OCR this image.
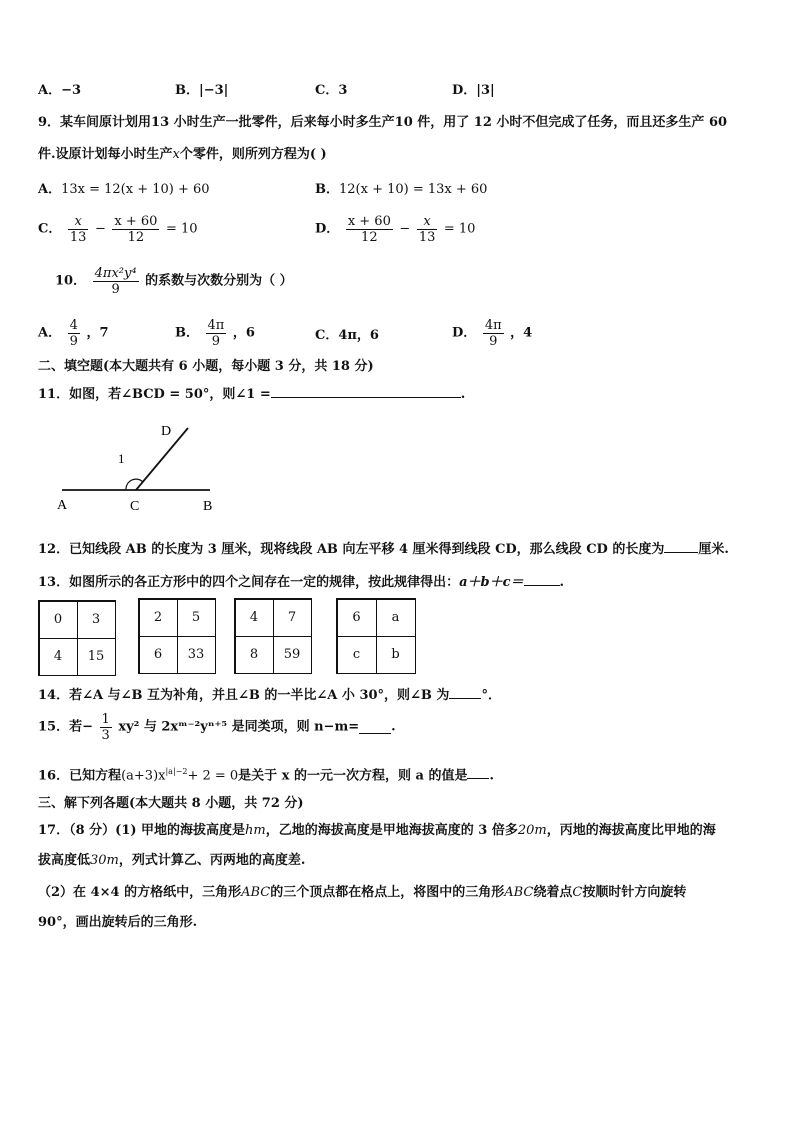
A．−3	B．|−3|	C．3	D．|3|
9．某车间原计划用13 小时生产一批零件，后来每小时多生产10 件，用了 12 小时不但完成了任务，而且还多生产 60
件.设原计划每小时生产x个零件，则所列方程为( )
A．13x = 12(x + 10) + 60	B．12(x + 10) = 13x + 60
C． $\frac{x}{13} - \frac{x + 60}{12} = 10$	D． $\frac{x + 60}{12} - \frac{x}{13} = 10$
10． $\frac{\text{4πx²y⁴}}{9}$ 的系数与次数分别为（ ）
A． $\frac{4}{9}$ ，7	B． $\frac{4\pi}{9}$ ，6	C．4π，6	D． $\frac{4\pi}{9}$ ，4
二、填空题(本大题共有 6 小题，每小题 3 分，共 18 分)
11．如图，若∠BCD = 50°，则∠1 =	.
A	B
C
D
1
12．已知线段 AB 的长度为 3 厘米，现将线段 AB 向左平移 4 厘米得到线段 CD，那么线段 CD 的长度为	厘米.
13．如图所示的各正方形中的四个之间存在一定的规律，按此规律得出：a＋b＋c＝	.
0	3
4	15
2	5
6	33
4	7
8	59
6	a
c	b
14．若∠A 与∠B 互为补角，并且∠B 的一半比∠A 小 30°，则∠B 为 °．
15．若− $\frac{1}{3} xy^2$ 与 2xᵐ⁻²yⁿ⁺⁵ 是同类项，则 n−m= .
16．已知方程$(a+3)x^{|a|-2}+ 2 = 0$是关于 x 的一元一次方程，则 a 的值是 .
三、解下列各题(本大题共 8 小题，共 72 分)
17．（8 分）(1) 甲地的海拔高度是hm，乙地的海拔高度是甲地海拔高度的 3 倍多20m，丙地的海拔高度比甲地的海
拔高度低30m，列式计算乙、丙两地的高度差.
（2）在 4×4 的方格纸中，三角形ABC的三个顶点都在格点上，将图中的三角形ABC绕着点C按顺时针方向旋转
90°，画出旋转后的三角形.
